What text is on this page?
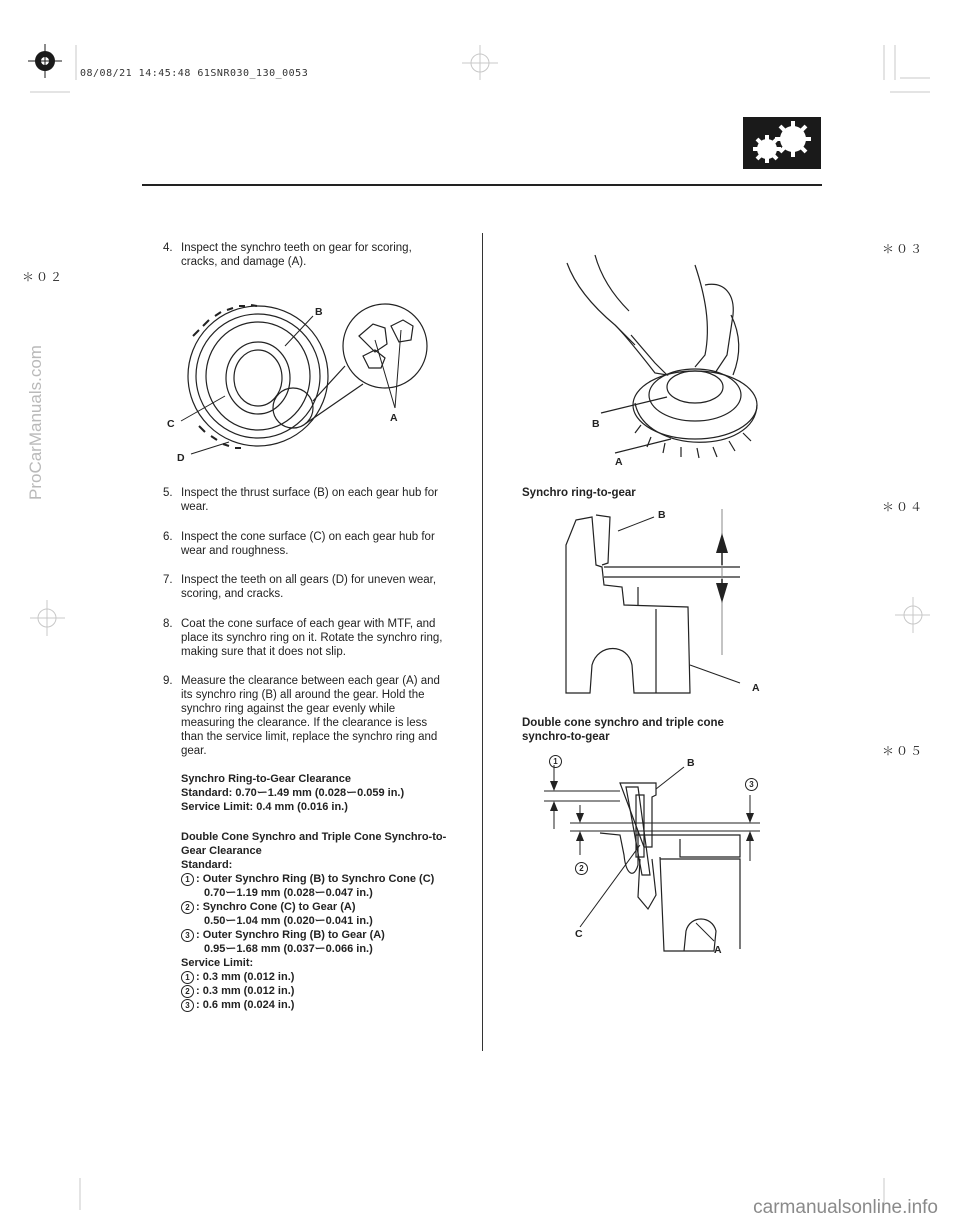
08/08/21 14:45:48 61SNR030_130_0053
＊０２
＊０３
＊０４
＊０５
ProCarManuals.com
4. Inspect the synchro teeth on gear for scoring,
cracks, and damage (A).
B
A
C
D
5. Inspect the thrust surface (B) on each gear hub for
wear.
6. Inspect the cone surface (C) on each gear hub for
wear and roughness.
7. Inspect the teeth on all gears (D) for uneven wear,
scoring, and cracks.
8. Coat the cone surface of each gear with MTF, and
place its synchro ring on it. Rotate the synchro ring,
making sure that it does not slip.
9. Measure the clearance between each gear (A) and
its synchro ring (B) all around the gear. Hold the
synchro ring against the gear evenly while
measuring the clearance. If the clearance is less
than the service limit, replace the synchro ring and
gear.
Synchro Ring-to-Gear Clearance
Standard: 0.70ー1.49 mm (0.028ー0.059 in.)
Service Limit: 0.4 mm (0.016 in.)
Double Cone Synchro and Triple Cone Synchro-to-
Gear Clearance
Standard:
1 : Outer Synchro Ring (B) to Synchro Cone (C)
0.70ー1.19 mm (0.028ー0.047 in.)
2 : Synchro Cone (C) to Gear (A)
0.50ー1.04 mm (0.020ー0.041 in.)
3 : Outer Synchro Ring (B) to Gear (A)
0.95ー1.68 mm (0.037ー0.066 in.)
Service Limit:
1 : 0.3 mm (0.012 in.)
2 : 0.3 mm (0.012 in.)
3 : 0.6 mm (0.024 in.)
B
A
Synchro ring-to-gear
B
A
Double cone synchro and triple cone
synchro-to-gear
1
2
3
B
C
A
carmanualsonline.info
